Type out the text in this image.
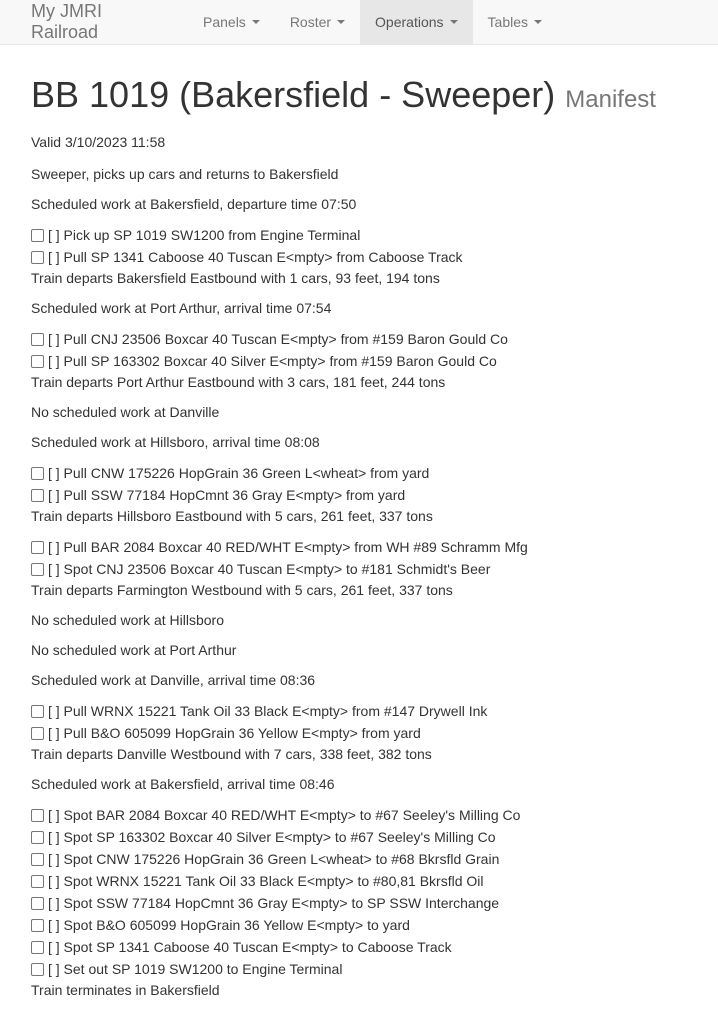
My JMRI Railroad	Panels	Roster	Operations	Tables
BB 1019 (Bakersfield - Sweeper) Manifest
Valid 3/10/2023 11:58
Sweeper, picks up cars and returns to Bakersfield
Scheduled work at Bakersfield, departure time 07:50
[ ] Pick up SP 1019 SW1200 from Engine Terminal
[ ] Pull SP 1341 Caboose 40 Tuscan E<mpty> from Caboose Track
Train departs Bakersfield Eastbound with 1 cars, 93 feet, 194 tons
Scheduled work at Port Arthur, arrival time 07:54
[ ] Pull CNJ 23506 Boxcar 40 Tuscan E<mpty> from #159 Baron Gould Co
[ ] Pull SP 163302 Boxcar 40 Silver E<mpty> from #159 Baron Gould Co
Train departs Port Arthur Eastbound with 3 cars, 181 feet, 244 tons
No scheduled work at Danville
Scheduled work at Hillsboro, arrival time 08:08
[ ] Pull CNW 175226 HopGrain 36 Green L<wheat> from yard
[ ] Pull SSW 77184 HopCmnt 36 Gray E<mpty> from yard
Train departs Hillsboro Eastbound with 5 cars, 261 feet, 337 tons
[ ] Pull BAR 2084 Boxcar 40 RED/WHT E<mpty> from WH #89 Schramm Mfg
[ ] Spot CNJ 23506 Boxcar 40 Tuscan E<mpty> to #181 Schmidt's Beer
Train departs Farmington Westbound with 5 cars, 261 feet, 337 tons
No scheduled work at Hillsboro
No scheduled work at Port Arthur
Scheduled work at Danville, arrival time 08:36
[ ] Pull WRNX 15221 Tank Oil 33 Black E<mpty> from #147 Drywell Ink
[ ] Pull B&O 605099 HopGrain 36 Yellow E<mpty> from yard
Train departs Danville Westbound with 7 cars, 338 feet, 382 tons
Scheduled work at Bakersfield, arrival time 08:46
[ ] Spot BAR 2084 Boxcar 40 RED/WHT E<mpty> to #67 Seeley's Milling Co
[ ] Spot SP 163302 Boxcar 40 Silver E<mpty> to #67 Seeley's Milling Co
[ ] Spot CNW 175226 HopGrain 36 Green L<wheat> to #68 Bkrsfld Grain
[ ] Spot WRNX 15221 Tank Oil 33 Black E<mpty> to #80,81 Bkrsfld Oil
[ ] Spot SSW 77184 HopCmnt 36 Gray E<mpty> to SP SSW Interchange
[ ] Spot B&O 605099 HopGrain 36 Yellow E<mpty> to yard
[ ] Spot SP 1341 Caboose 40 Tuscan E<mpty> to Caboose Track
[ ] Set out SP 1019 SW1200 to Engine Terminal
Train terminates in Bakersfield
